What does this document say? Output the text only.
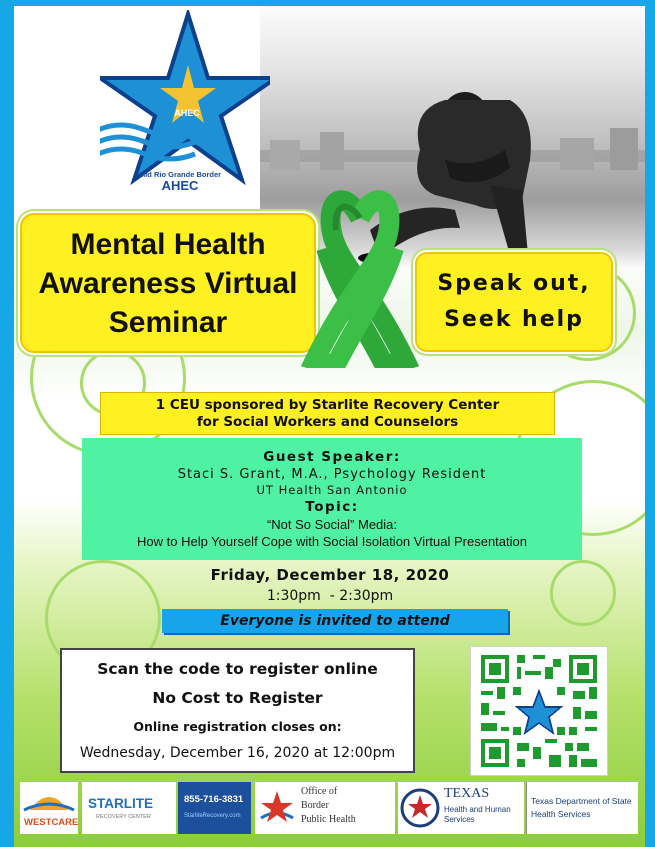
AHEC
Mid Rio Grande Border
AHEC
Mental Health
Awareness Virtual
Seminar
Speak out,
Seek help
1 CEU sponsored by Starlite Recovery Center
for Social Workers and Counselors
Guest Speaker:
Staci S. Grant, M.A., Psychology Resident
UT Health San Antonio
Topic:
“Not So Social” Media:
How to Help Yourself Cope with Social Isolation Virtual Presentation
Friday, December 18, 2020
1:30pm  - 2:30pm
Everyone is invited to attend
Scan the code to register online
No Cost to Register
Online registration closes on:
Wednesday, December 16, 2020 at 12:00pm
WESTCARE
STARLITE
RECOVERY CENTER
855-716-3831
StarliteRecovery.com
Office of
Border
Public Health
TEXAS
Health and Human
Services
Texas Department of State
Health Services
